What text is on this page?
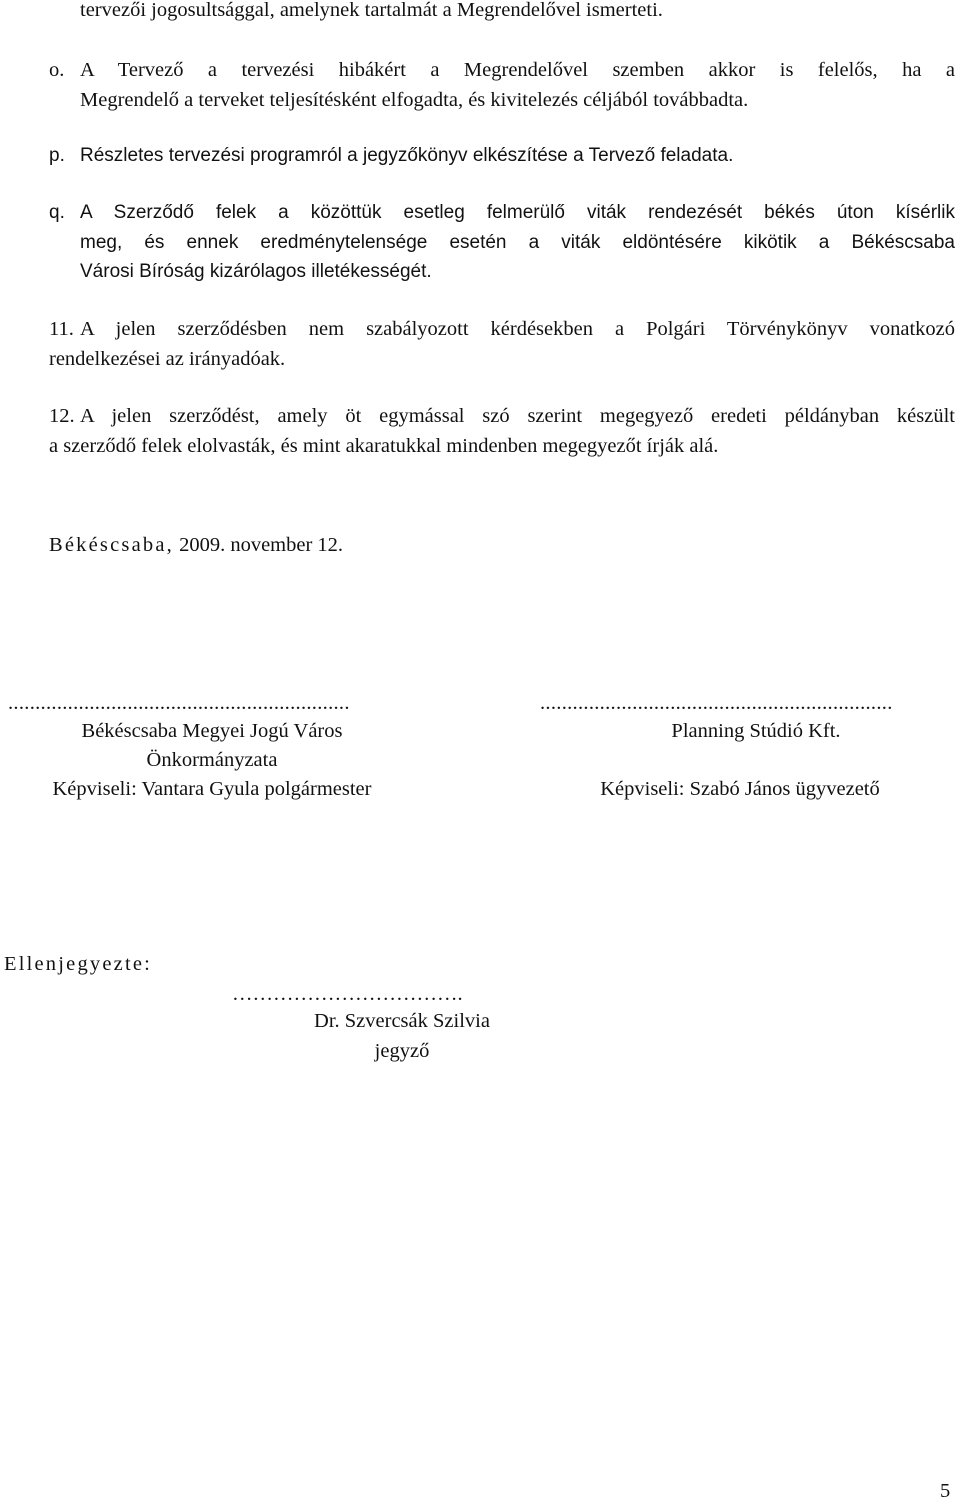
tervezői jogosultsággal, amelynek tartalmát a Megrendelővel ismerteti.
o. A Tervező a tervezési hibákért a Megrendelővel szemben akkor is felelős, ha a
Megrendelő a terveket teljesítésként elfogadta, és kivitelezés céljából továbbadta.
p. Részletes tervezési programról a jegyzőkönyv elkészítése a Tervező feladata.
q. A Szerződő felek a közöttük esetleg felmerülő viták rendezését békés úton kísérlik
meg, és ennek eredménytelensége esetén a viták eldöntésére kikötik a Békéscsaba
Városi Bíróság kizárólagos illetékességét.
11. A jelen szerződésben nem szabályozott kérdésekben a Polgári Törvénykönyv vonatkozó
rendelkezései az irányadóak.
12. A jelen szerződést, amely öt egymással szó szerint megegyező eredeti példányban készült
a szerződő felek elolvasták, és mint akaratukkal mindenben megegyezőt írják alá.
Békéscsaba, 2009. november 12.
...............................................................
Békéscsaba Megyei Jogú Város
Önkormányzata
Képviseli: Vantara Gyula polgármester
.................................................................
Planning Stúdió Kft.
Képviseli: Szabó János ügyvezető
Ellenjegyezte:
…………………………….
Dr. Szvercsák Szilvia
jegyző
5
